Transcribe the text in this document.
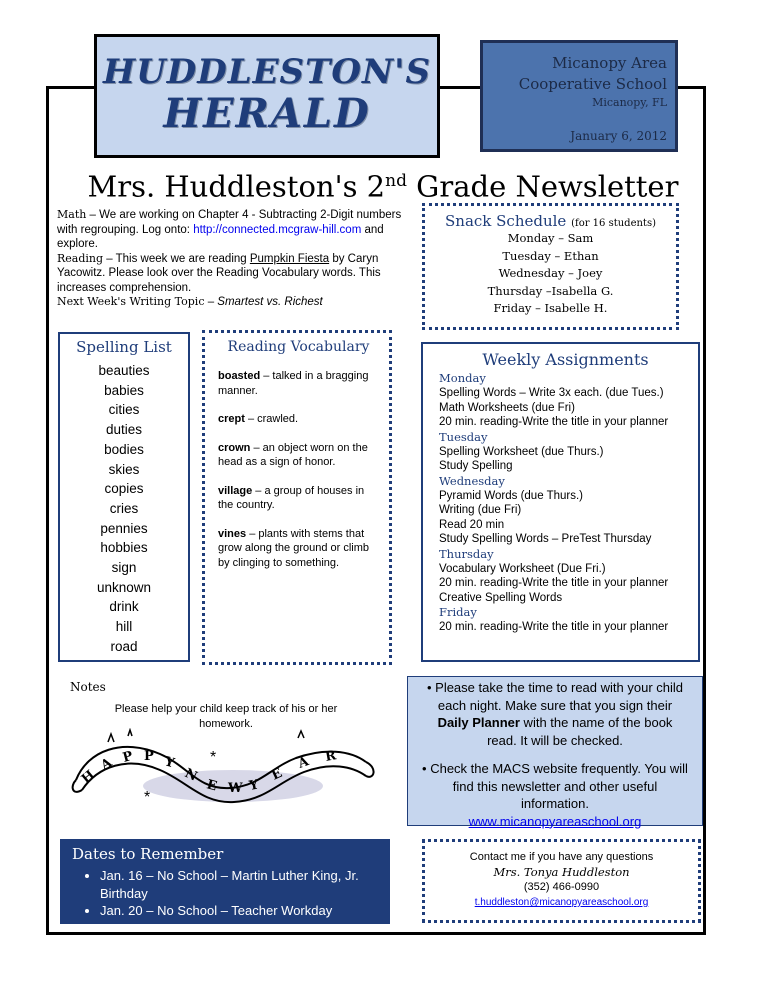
HUDDLESTON'S
HERALD
Micanopy Area
Cooperative School
Micanopy, FL
January 6, 2012
Mrs. Huddleston's 2nd Grade Newsletter
Math – We are working on Chapter 4 - Subtracting 2-Digit numbers with regrouping. Log onto: http://connected.mcgraw-hill.com and explore.
Reading – This week we are reading Pumpkin Fiesta by Caryn Yacowitz. Please look over the Reading Vocabulary words. This increases comprehension.
Next Week's Writing Topic – Smartest vs. Richest
Snack Schedule (for 16 students)
Monday – Sam
Tuesday – Ethan
Wednesday – Joey
Thursday –Isabella G.
Friday – Isabelle H.
Spelling List
beauties
babies
cities
duties
bodies
skies
copies
cries
pennies
hobbies
sign
unknown
drink
hill
road
Reading Vocabulary
boasted – talked in a bragging manner.
crept – crawled.
crown – an object worn on the head as a sign of honor.
village – a group of houses in the country.
vines – plants with stems that grow along the ground or climb by clinging to something.
Weekly Assignments
Monday
Spelling Words – Write 3x each. (due Tues.)
Math Worksheets (due Fri)
20 min. reading-Write the title in your planner
Tuesday
Spelling Worksheet (due Thurs.)
Study Spelling
Wednesday
Pyramid Words (due Thurs.)
Writing (due Fri)
Read 20 min
Study Spelling Words – PreTest Thursday
Thursday
Vocabulary Worksheet (Due Fri.)
20 min. reading-Write the title in your planner
Creative Spelling Words
Friday
20 min. reading-Write the title in your planner
Notes
Please help your child keep track of his or her homework.
*
*
H
A P P Y
N
E W Y
E
A R
• Please take the time to read with your child each night. Make sure that you sign their Daily Planner with the name of the book read. It will be checked.
• Check the MACS website frequently. You will find this newsletter and other useful information.
www.micanopyareaschool.org
Dates to Remember
• Jan. 16 – No School – Martin Luther King, Jr. Birthday
• Jan. 20 – No School – Teacher Workday
Contact me if you have any questions
Mrs. Tonya Huddleston
(352) 466-0990
t.huddleston@micanopyareaschool.org
